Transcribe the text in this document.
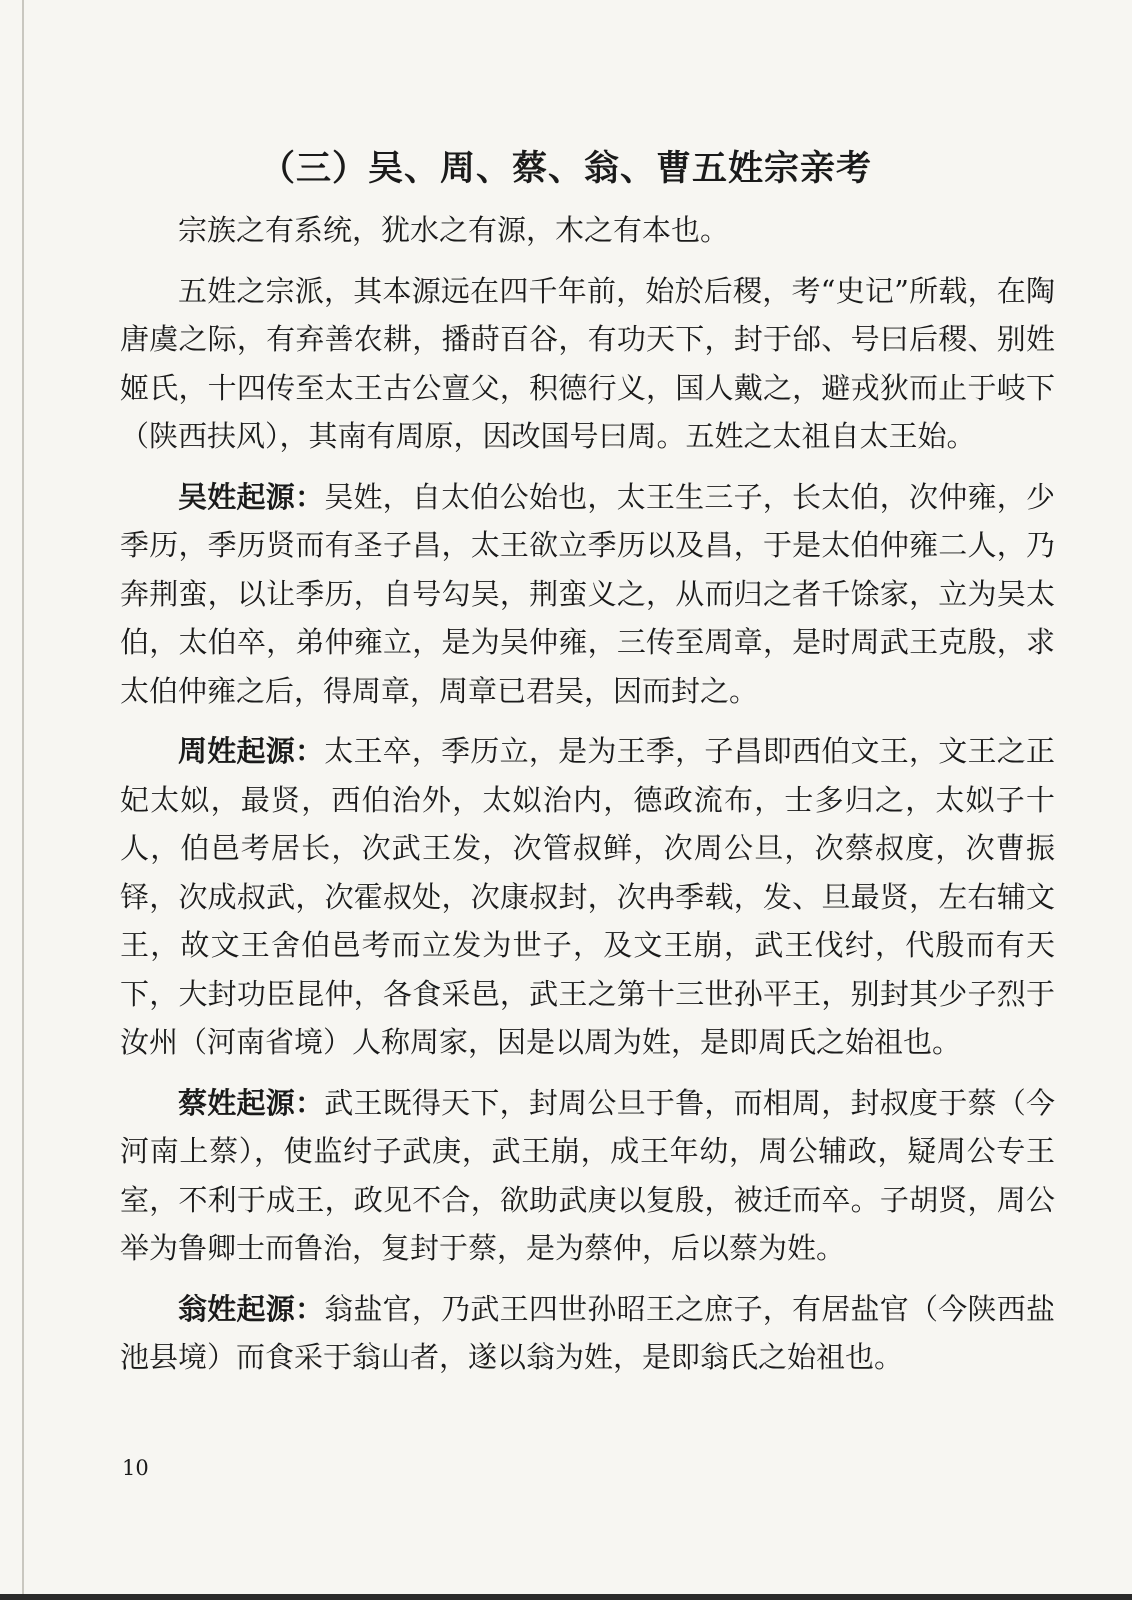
（三）吴、周、蔡、翁、曹五姓宗亲考

宗族之有系统，犹水之有源，木之有本也。

五姓之宗派，其本源远在四千年前，始於后稷，考“史记”所载，在陶唐虞之际，有弃善农耕，播莳百谷，有功天下，封于邰、号曰后稷、别姓姬氏，十四传至太王古公亶父，积德行义，国人戴之，避戎狄而止于岐下（陕西扶风），其南有周原，因改国号曰周。五姓之太祖自太王始。

吴姓起源：吴姓，自太伯公始也，太王生三子，长太伯，次仲雍，少季历，季历贤而有圣子昌，太王欲立季历以及昌，于是太伯仲雍二人，乃奔荆蛮，以让季历，自号勾吴，荆蛮义之，从而归之者千馀家，立为吴太伯，太伯卒，弟仲雍立，是为吴仲雍，三传至周章，是时周武王克殷，求太伯仲雍之后，得周章，周章已君吴，因而封之。

周姓起源：太王卒，季历立，是为王季，子昌即西伯文王，文王之正妃太姒，最贤，西伯治外，太姒治内，德政流布，士多归之，太姒子十人，伯邑考居长，次武王发，次管叔鲜，次周公旦，次蔡叔度，次曹振铎，次成叔武，次霍叔处，次康叔封，次冉季载，发、旦最贤，左右辅文王，故文王舍伯邑考而立发为世子，及文王崩，武王伐纣，代殷而有天下，大封功臣昆仲，各食采邑，武王之第十三世孙平王，别封其少子烈于汝州（河南省境）人称周家，因是以周为姓，是即周氏之始祖也。

蔡姓起源：武王既得天下，封周公旦于鲁，而相周，封叔度于蔡（今河南上蔡），使监纣子武庚，武王崩，成王年幼，周公辅政，疑周公专王室，不利于成王，政见不合，欲助武庚以复殷，被迁而卒。子胡贤，周公举为鲁卿士而鲁治，复封于蔡，是为蔡仲，后以蔡为姓。

翁姓起源：翁盐官，乃武王四世孙昭王之庶子，有居盐官（今陕西盐池县境）而食采于翁山者，遂以翁为姓，是即翁氏之始祖也。

10
